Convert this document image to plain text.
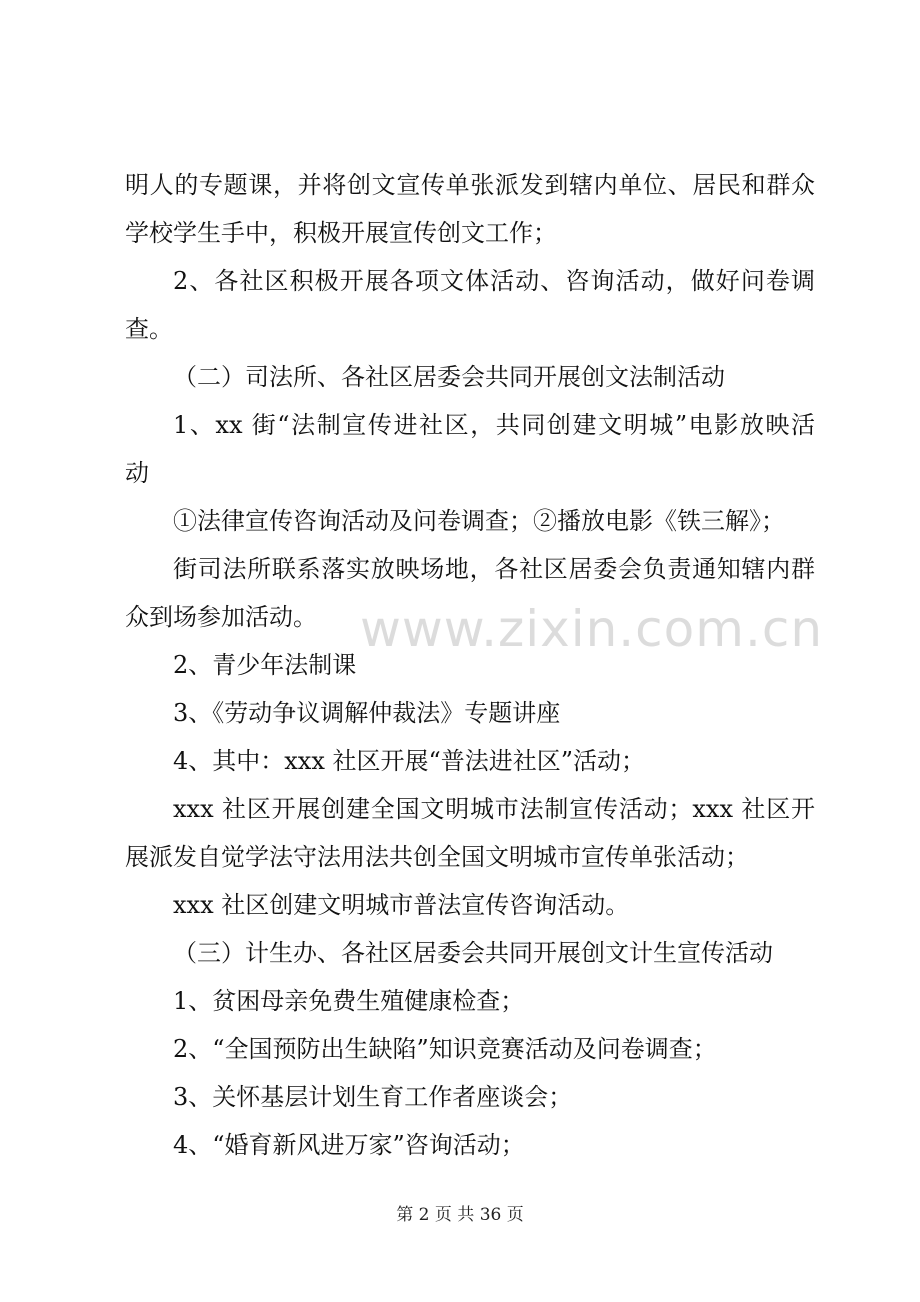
明人的专题课，并将创文宣传单张派发到辖内单位、居民和群众
学校学生手中，积极开展宣传创文工作；
2、各社区积极开展各项文体活动、咨询活动，做好问卷调
查。
（二）司法所、各社区居委会共同开展创文法制活动
1、xx 街“法制宣传进社区，共同创建文明城”电影放映活
动
①法律宣传咨询活动及问卷调查；②播放电影《铁三解》；
街司法所联系落实放映场地，各社区居委会负责通知辖内群
众到场参加活动。
2、青少年法制课
3、《劳动争议调解仲裁法》专题讲座
4、其中：xxx 社区开展“普法进社区”活动；
xxx 社区开展创建全国文明城市法制宣传活动；xxx 社区开
展派发自觉学法守法用法共创全国文明城市宣传单张活动；
xxx 社区创建文明城市普法宣传咨询活动。
（三）计生办、各社区居委会共同开展创文计生宣传活动
1、贫困母亲免费生殖健康检查；
2、“全国预防出生缺陷”知识竞赛活动及问卷调查；
3、关怀基层计划生育工作者座谈会；
4、“婚育新风进万家”咨询活动；
www.zixin.com.cn
第 2 页 共 36 页
